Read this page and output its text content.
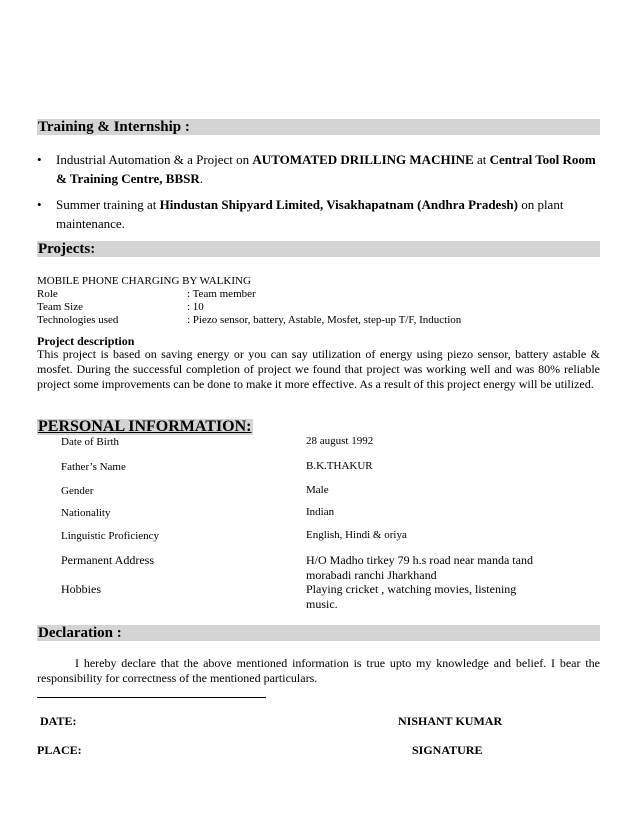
Training & Internship :
• Industrial Automation & a Project on AUTOMATED DRILLING MACHINE at Central Tool Room & Training Centre, BBSR.
• Summer training at Hindustan Shipyard Limited, Visakhapatnam (Andhra Pradesh) on plant maintenance.
Projects:
MOBILE PHONE CHARGING BY WALKING
Role	: Team member
Team Size	: 10
Technologies used	: Piezo sensor, battery, Astable, Mosfet, step-up T/F, Induction
Project description
This project is based on saving energy or you can say utilization of energy using piezo sensor, battery astable & mosfet. During the successful completion of project we found that project was working well and was 80% reliable project some improvements can be done to make it more effective. As a result of this project energy will be utilized.
PERSONAL INFORMATION:
Date of Birth	28 august 1992
Father’s Name	B.K.THAKUR
Gender	Male
Nationality	Indian
Linguistic Proficiency	English, Hindi & oriya
Permanent Address	H/O Madho tirkey 79 h.s road near manda tand morabadi ranchi Jharkhand
Hobbies	Playing cricket , watching movies, listening music.
Declaration :
I hereby declare that the above mentioned information is true upto my knowledge and belief. I bear the responsibility for correctness of the mentioned particulars.
DATE:
PLACE:
NISHANT KUMAR
SIGNATURE
